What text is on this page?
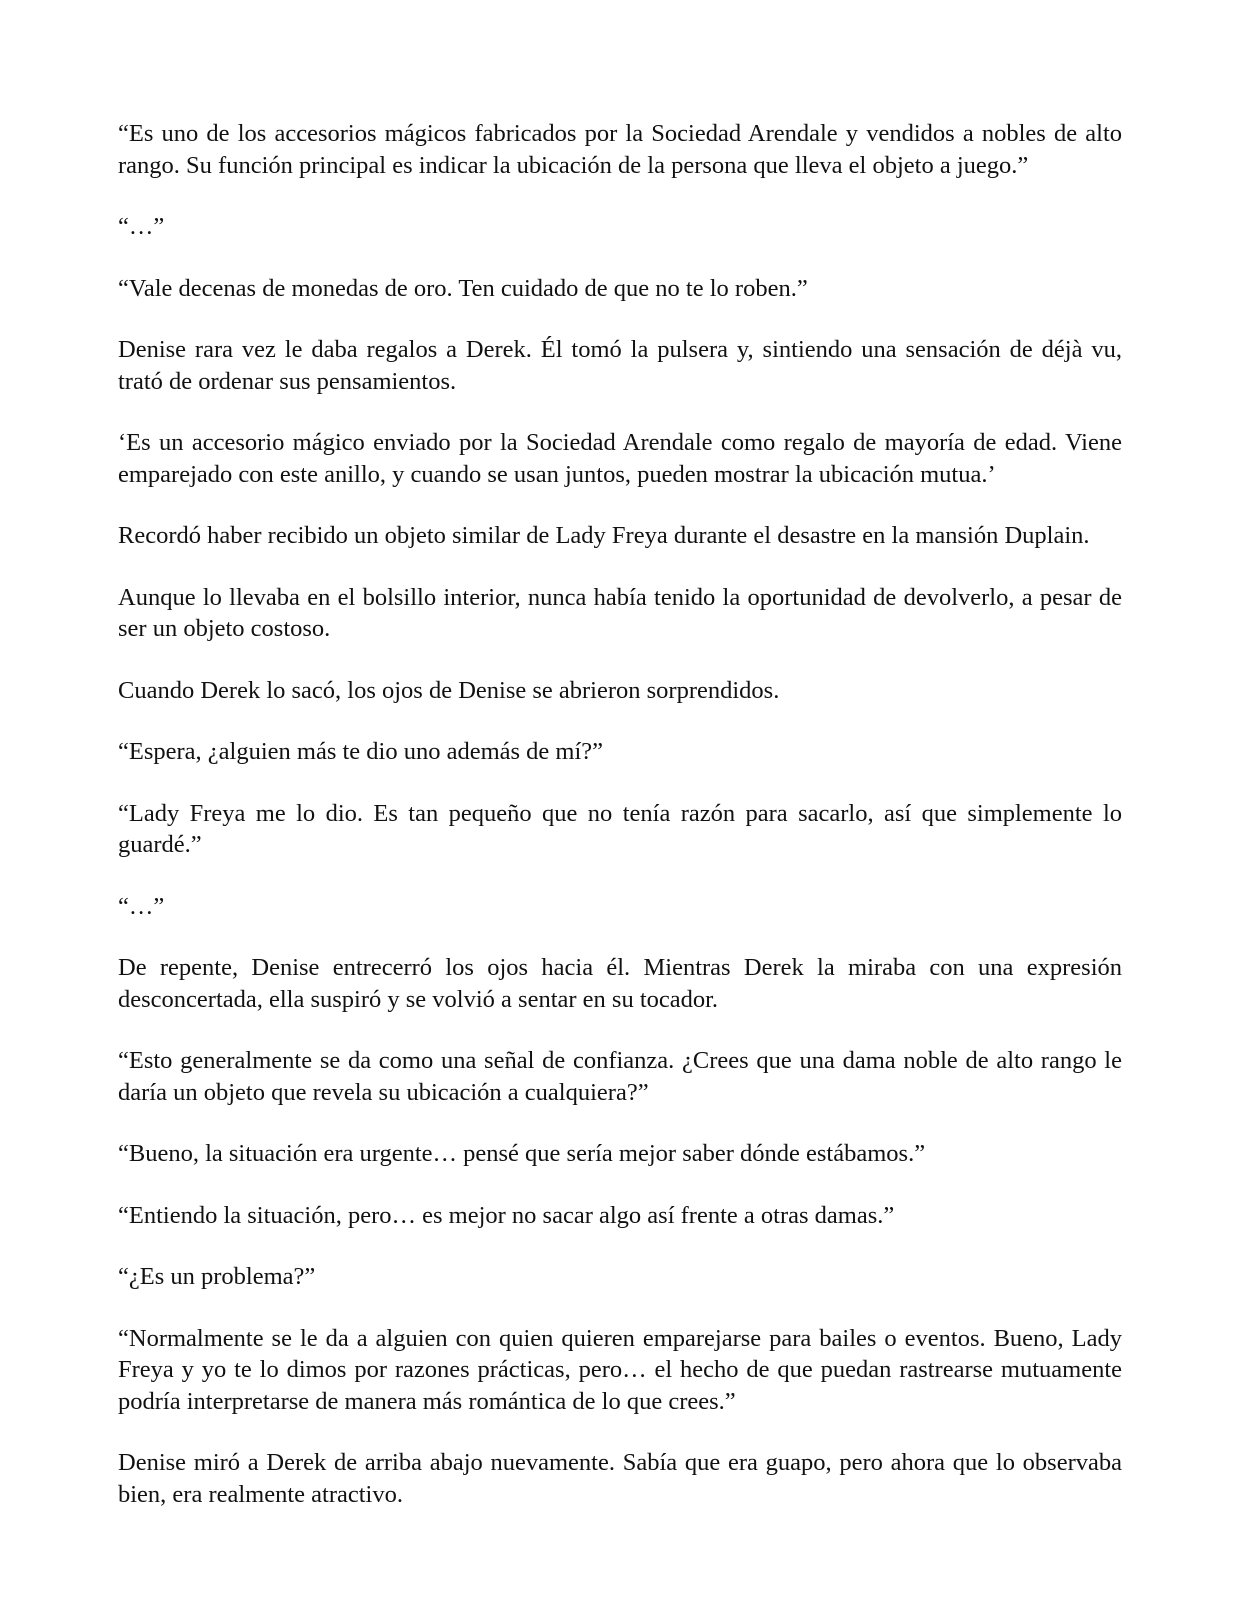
“Es uno de los accesorios mágicos fabricados por la Sociedad Arendale y vendidos a nobles de alto rango. Su función principal es indicar la ubicación de la persona que lleva el objeto a juego.”

“…”

“Vale decenas de monedas de oro. Ten cuidado de que no te lo roben.”

Denise rara vez le daba regalos a Derek. Él tomó la pulsera y, sintiendo una sensación de déjà vu, trató de ordenar sus pensamientos.

‘Es un accesorio mágico enviado por la Sociedad Arendale como regalo de mayoría de edad. Viene emparejado con este anillo, y cuando se usan juntos, pueden mostrar la ubicación mutua.’

Recordó haber recibido un objeto similar de Lady Freya durante el desastre en la mansión Duplain.

Aunque lo llevaba en el bolsillo interior, nunca había tenido la oportunidad de devolverlo, a pesar de ser un objeto costoso.

Cuando Derek lo sacó, los ojos de Denise se abrieron sorprendidos.

“Espera, ¿alguien más te dio uno además de mí?”

“Lady Freya me lo dio. Es tan pequeño que no tenía razón para sacarlo, así que simplemente lo guardé.”

“…”

De repente, Denise entrecerró los ojos hacia él. Mientras Derek la miraba con una expresión desconcertada, ella suspiró y se volvió a sentar en su tocador.

“Esto generalmente se da como una señal de confianza. ¿Crees que una dama noble de alto rango le daría un objeto que revela su ubicación a cualquiera?”

“Bueno, la situación era urgente… pensé que sería mejor saber dónde estábamos.”

“Entiendo la situación, pero… es mejor no sacar algo así frente a otras damas.”

“¿Es un problema?”

“Normalmente se le da a alguien con quien quieren emparejarse para bailes o eventos. Bueno, Lady Freya y yo te lo dimos por razones prácticas, pero… el hecho de que puedan rastrearse mutuamente podría interpretarse de manera más romántica de lo que crees.”

Denise miró a Derek de arriba abajo nuevamente. Sabía que era guapo, pero ahora que lo observaba bien, era realmente atractivo.
